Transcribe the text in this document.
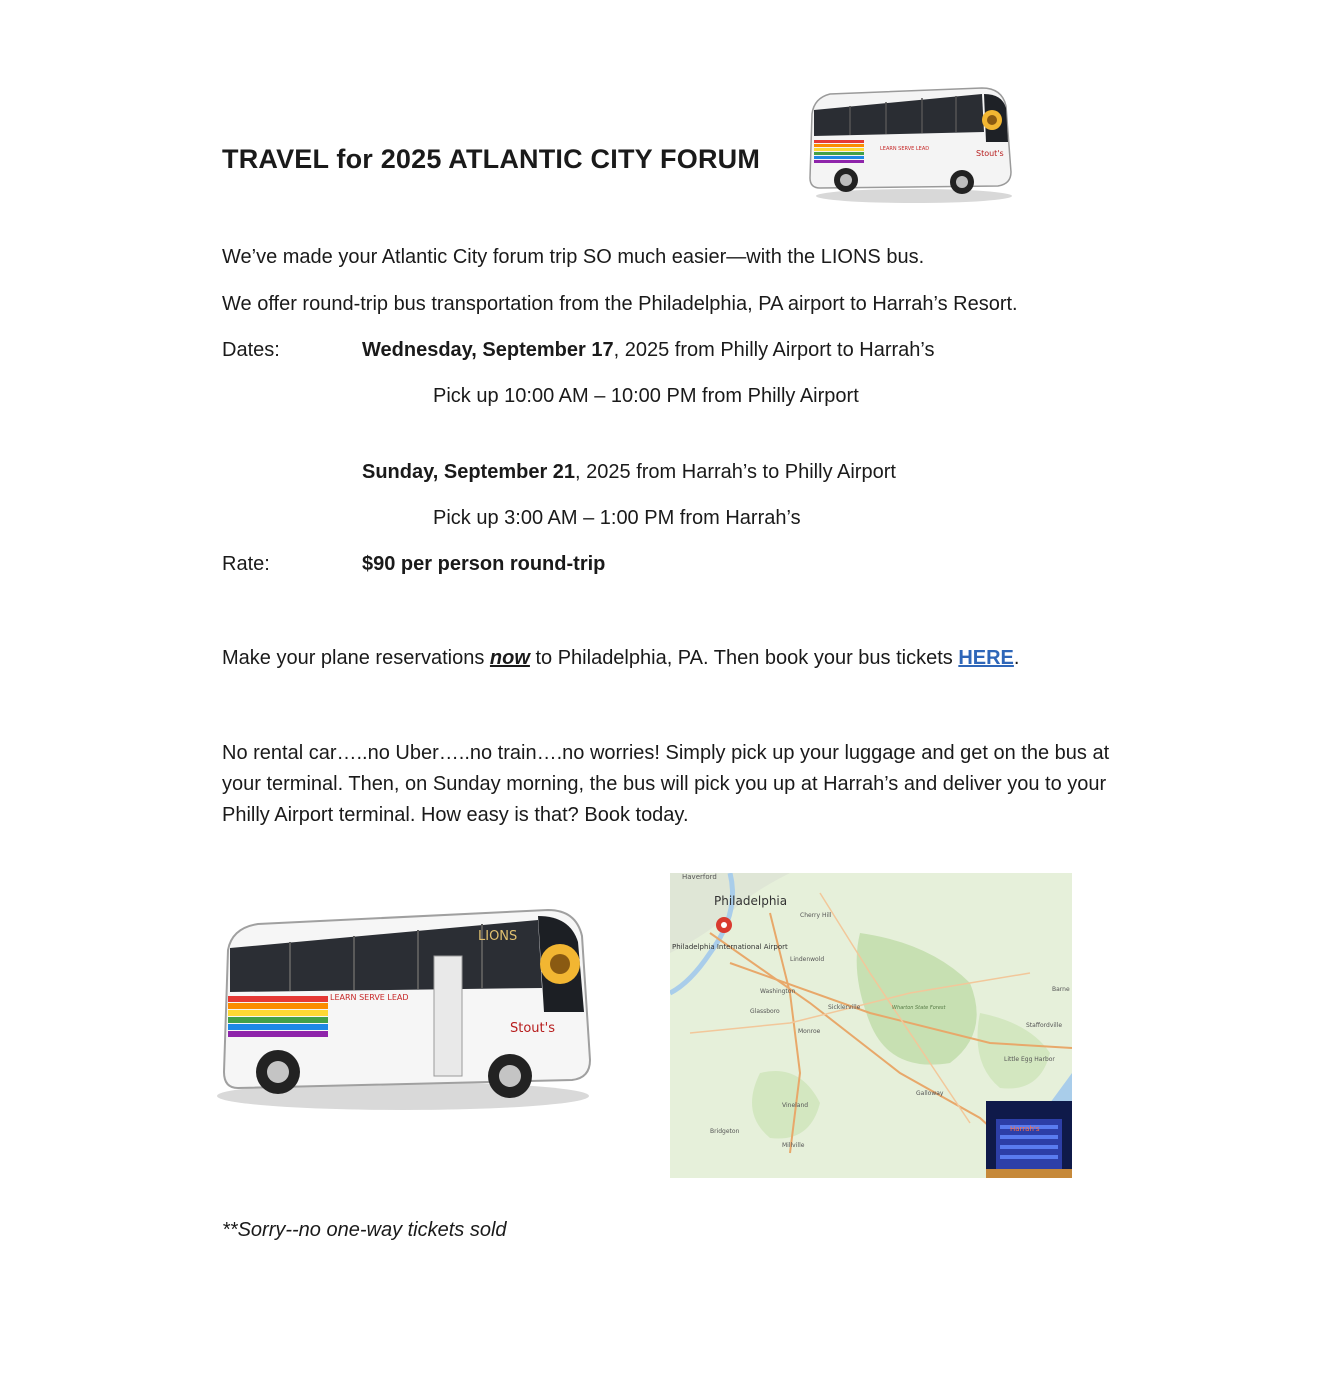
TRAVEL for 2025 ATLANTIC CITY FORUM	LEARN SERVE LEAD	Stout's
We’ve made your Atlantic City forum trip SO much easier—with the LIONS bus.
We offer round-trip bus transportation from the Philadelphia, PA airport to Harrah’s Resort.
Dates:	Wednesday, September 17, 2025 from Philly Airport to Harrah’s
Pick up 10:00 AM – 10:00 PM from Philly Airport
Sunday, September 21, 2025 from Harrah’s to Philly Airport
Pick up 3:00 AM – 1:00 PM from Harrah’s
Rate:	$90 per person round-trip
Make your plane reservations now to Philadelphia, PA. Then book your bus tickets HERE.
No rental car…..no Uber…..no train….no worries! Simply pick up your luggage and get on the bus at your terminal. Then, on Sunday morning, the bus will pick you up at Harrah’s and deliver you to your Philly Airport terminal. How easy is that? Book today.
LIONS
LEARN SERVE LEAD
Stout's
Haverford
Philadelphia
Cherry Hill
Philadelphia International Airport
Lindenwold
Washington
Glassboro
Sicklerville
Monroe
Wharton State Forest
Staffordville
Little Egg Harbor
Galloway
Vineland
Bridgeton
Millville
Barne
Harrah's
**Sorry--no one-way tickets sold
